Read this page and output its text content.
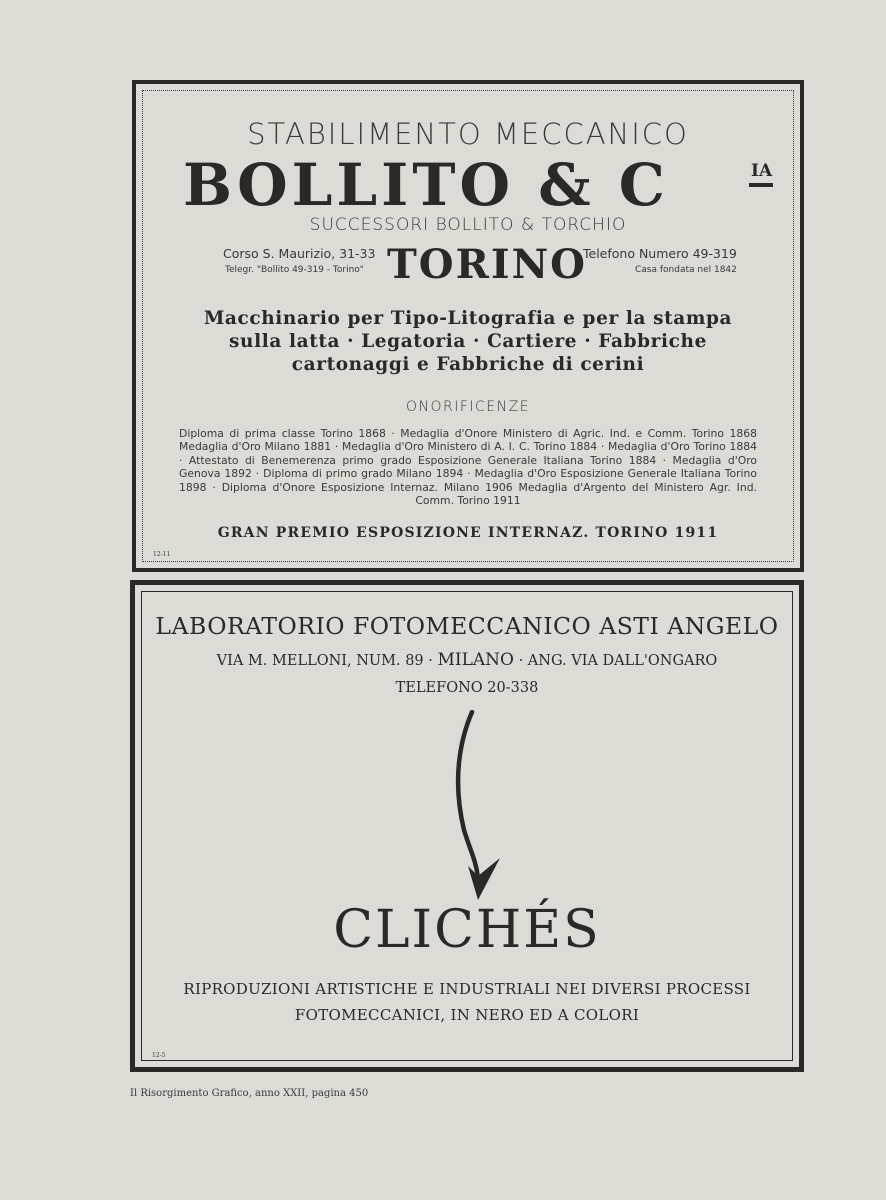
STABILIMENTO MECCANICO
BOLLITO & C	IA
SUCCESSORI BOLLITO & TORCHIO
Corso S. Maurizio, 31-33
Telegr. "Bollito 49-319 - Torino" TORINO
Telefono Numero 49-319
Casa fondata nel 1842
Macchinario per Tipo-Litografia e per la stampa
sulla latta · Legatoria · Cartiere · Fabbriche
cartonaggi e Fabbriche di cerini
ONORIFICENZE
Diploma di prima classe Torino 1868 · Medaglia d'Onore Ministero di Agric. Ind. e Comm. Torino 1868 Medaglia d'Oro Milano 1881 · Medaglia d'Oro Ministero di A. I. C. Torino 1884 · Medaglia d'Oro Torino 1884 · Attestato di Benemerenza primo grado Esposizione Generale Italiana Torino 1884 · Medaglia d'Oro Genova 1892 · Diploma di primo grado Milano 1894 · Medaglia d'Oro Esposizione Generale Italiana Torino 1898 · Diploma d'Onore Esposizione Internaz. Milano 1906 Medaglia d'Argento del Ministero Agr. Ind. Comm. Torino 1911
GRAN PREMIO ESPOSIZIONE INTERNAZ. TORINO 1911
12-11
LABORATORIO FOTOMECCANICO ASTI ANGELO
VIA M. MELLONI, NUM. 89 · MILANO · ANG. VIA DALL'ONGARO
TELEFONO 20-338
CLICHÉS
RIPRODUZIONI ARTISTICHE E INDUSTRIALI NEI DIVERSI PROCESSI
FOTOMECCANICI, IN NERO ED A COLORI
12-5
Il Risorgimento Grafico, anno XXII, pagina 450
